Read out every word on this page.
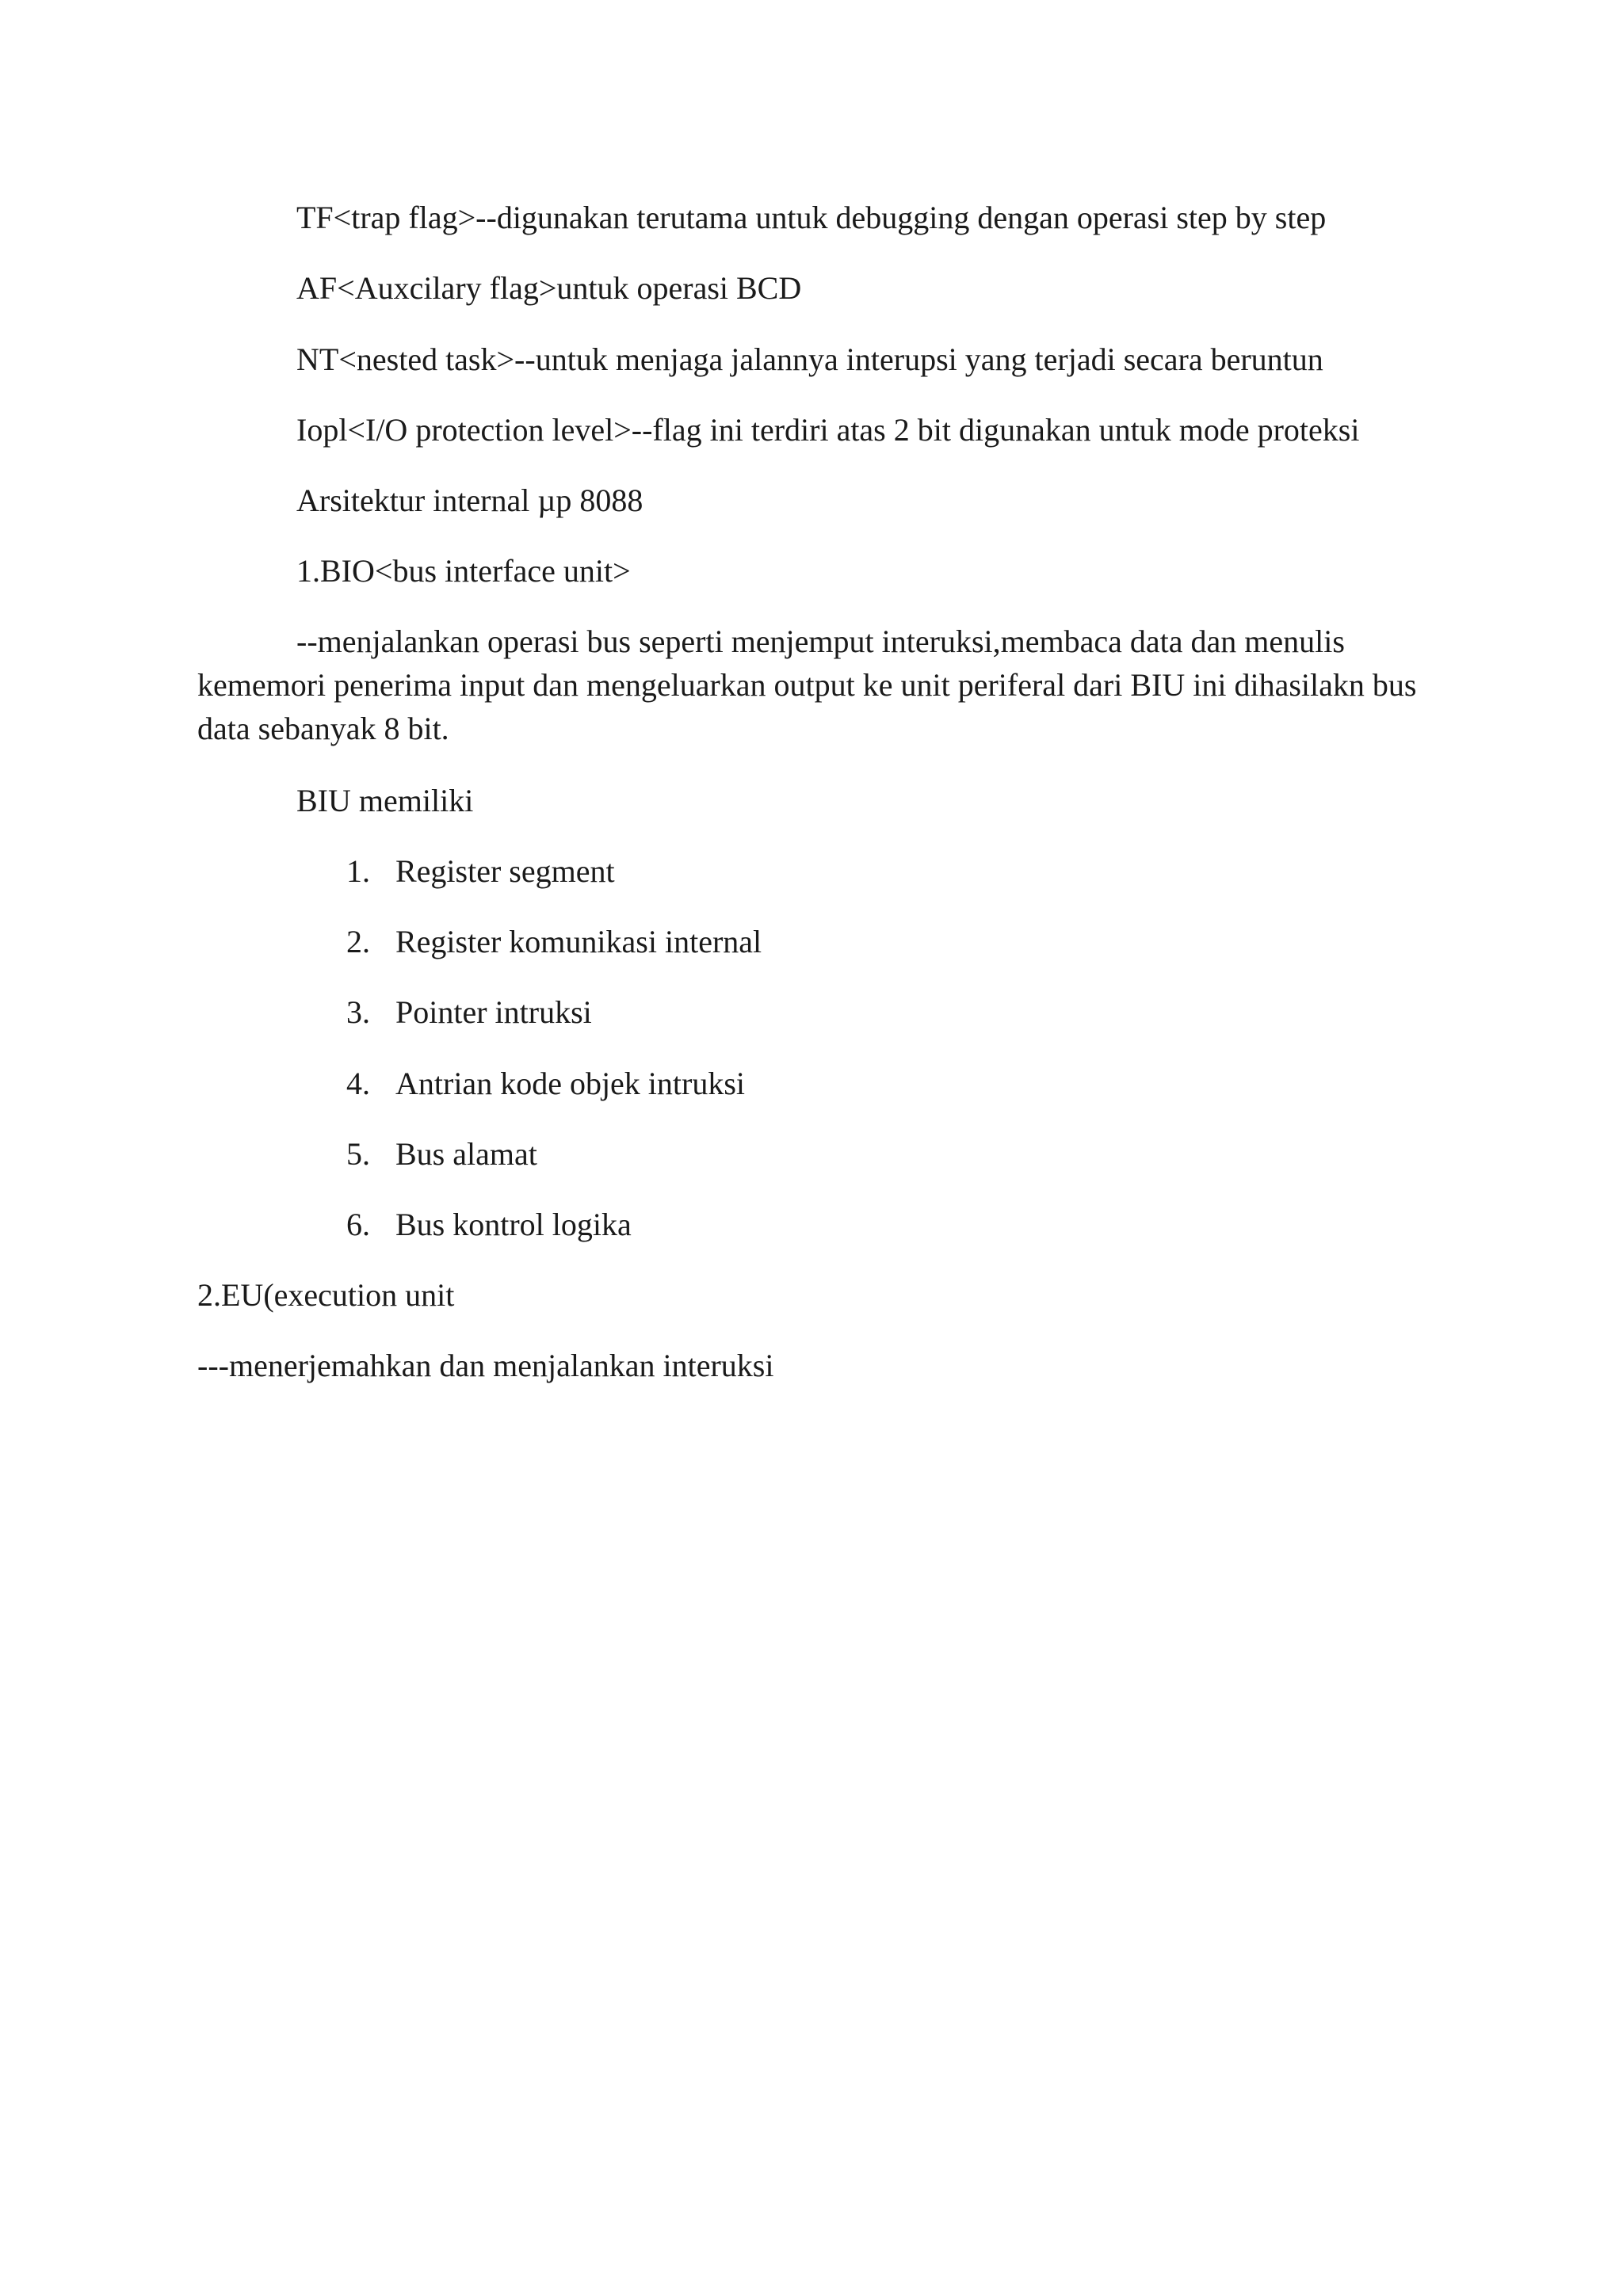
TF<trap flag>--digunakan terutama untuk debugging dengan operasi step by step
AF<Auxcilary flag>untuk operasi BCD
NT<nested task>--untuk menjaga jalannya interupsi yang terjadi secara beruntun
Iopl<I/O protection level>--flag ini terdiri atas 2 bit digunakan untuk mode proteksi
Arsitektur internal µp 8088
1.BIO<bus interface unit>
--menjalankan operasi bus seperti menjemput interuksi,membaca data dan menulis kememori penerima input dan mengeluarkan output ke unit periferal dari BIU ini dihasilakn bus data sebanyak 8 bit.
BIU memiliki
1. Register segment
2. Register komunikasi internal
3. Pointer intruksi
4. Antrian kode objek intruksi
5. Bus alamat
6. Bus kontrol logika
2.EU(execution unit
---menerjemahkan dan menjalankan interuksi
